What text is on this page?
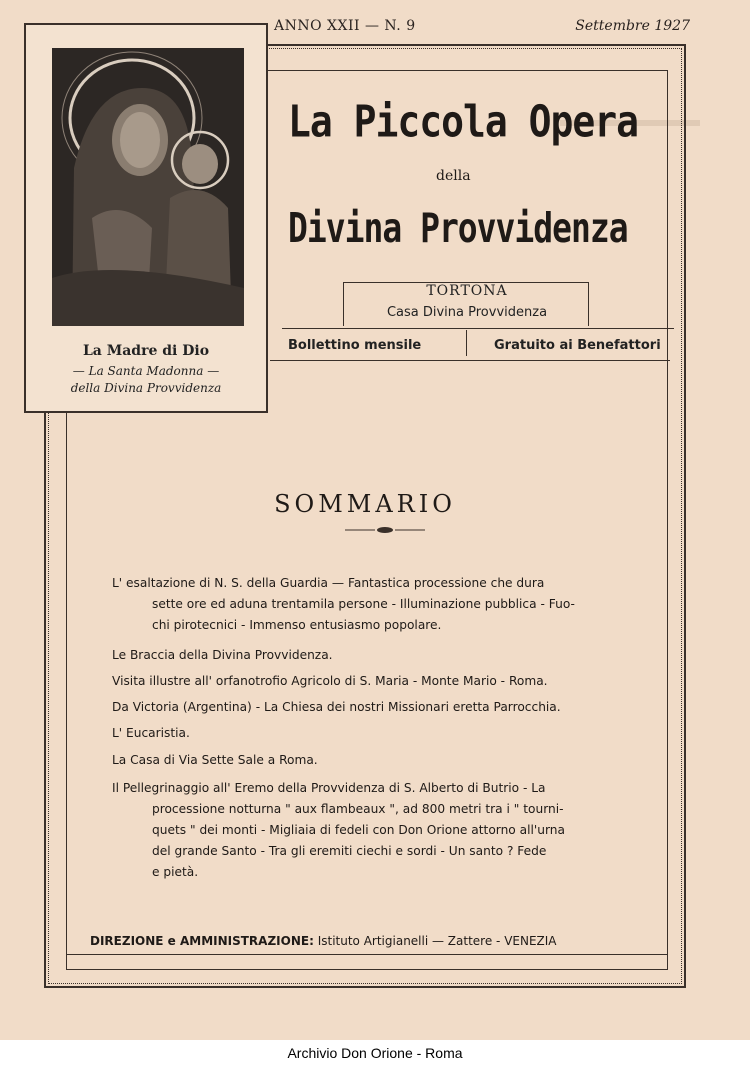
ANNO XXII — N. 9	Settembre 1927
La Madre di Dio
— La Santa Madonna —
della Divina Provvidenza
La Piccola Opera
della
Divina Provvidenza
TORTONA
Casa Divina Provvidenza
Bollettino mensile	Gratuito ai Benefattori
SOMMARIO
L' esaltazione di N. S. della Guardia — Fantastica processione che dura
sette ore ed aduna trentamila persone - Illuminazione pubblica - Fuo-
chi pirotecnici - Immenso entusiasmo popolare.
Le Braccia della Divina Provvidenza.
Visita illustre all' orfanotrofio Agricolo di S. Maria - Monte Mario - Roma.
Da Victoria (Argentina) - La Chiesa dei nostri Missionari eretta Parrocchia.
L' Eucaristia.
La Casa di Via Sette Sale a Roma.
Il Pellegrinaggio all' Eremo della Provvidenza di S. Alberto di Butrio - La
processione notturna " aux flambeaux ", ad 800 metri tra i " tourni-
quets " dei monti - Migliaia di fedeli con Don Orione attorno all'urna
del grande Santo - Tra gli eremiti ciechi e sordi - Un santo ? Fede
e pietà.
DIREZIONE e AMMINISTRAZIONE: Istituto Artigianelli — Zattere - VENEZIA
Archivio Don Orione - Roma
